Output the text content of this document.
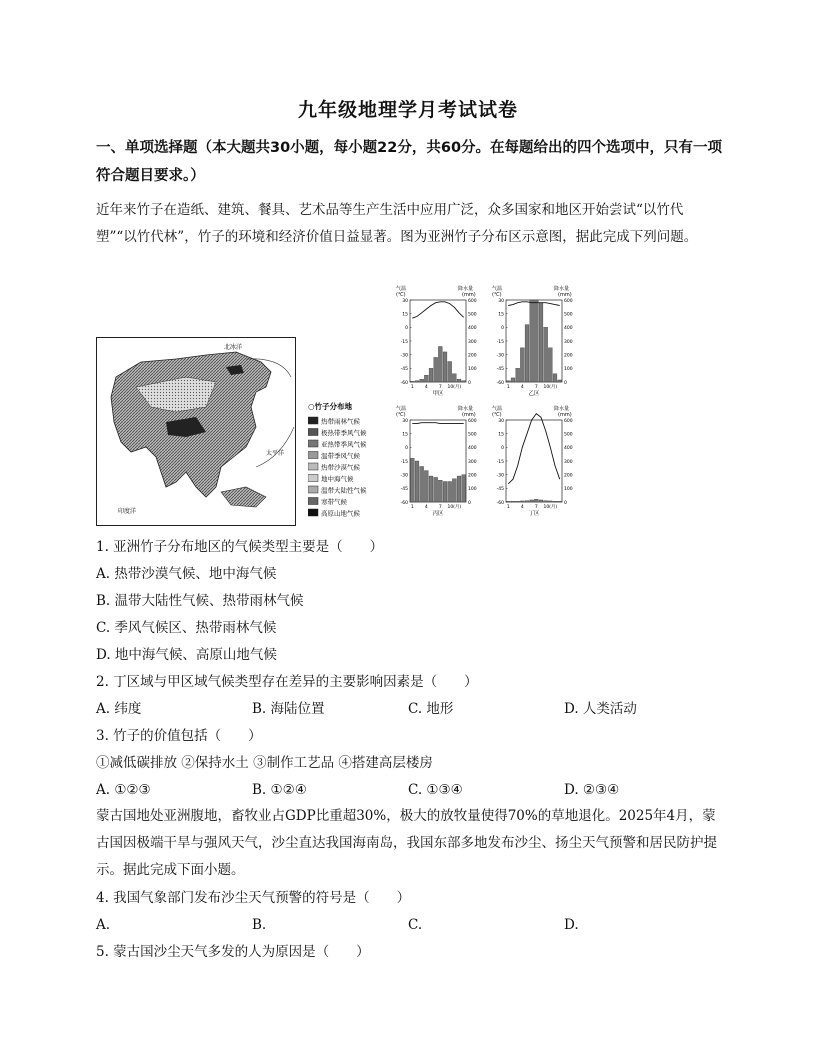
九年级地理学月考试试卷
一、单项选择题（本大题共30小题，每小题22分，共60分。在每题给出的四个选项中，只有一项符合题目要求。）
近年来竹子在造纸、建筑、餐具、艺术品等生产生活中应用广泛，众多国家和地区开始尝试“以竹代塑”“以竹代林”，竹子的环境和经济价值日益显著。图为亚洲竹子分布区示意图，据此完成下列问题。
北冰洋
太平洋
印度洋
○竹子分布地
热带雨林气候
极热带季风气候
亚热带季风气候
温带季风气候
热带沙漠气候
地中海气候
温带大陆性气候
寒带气候
高原山地气候
气温
(℃)
降水量
(mm)
30
15
0
-15
-30
-45
-60
600
500
400
300
200
100
0
1 4 7 10(月)
甲区
气温
(℃)
降水量
(mm)
30
15
0
-15
-30
-45
-60
600
500
400
300
200
100
0
1 4 7 10(月)
乙区
气温
(℃)
降水量
(mm)
30
15
0
-15
-30
-45
-60
600
500
400
300
200
100
0
1 4 7 10(月)
丙区
气温
(℃)
降水量
(mm)
30
15
0
-15
-30
-45
-60
600
500
400
300
200
100
0
1 4 7 10(月)
丁区
1. 亚洲竹子分布地区的气候类型主要是（　　）
A. 热带沙漠气候、地中海气候
B. 温带大陆性气候、热带雨林气候
C. 季风气候区、热带雨林气候
D. 地中海气候、高原山地气候
2. 丁区域与甲区域气候类型存在差异的主要影响因素是（　　）
A. 纬度	B. 海陆位置	C. 地形	D. 人类活动
3. 竹子的价值包括（　　）
①减低碳排放 ②保持水土 ③制作工艺品 ④搭建高层楼房
A. ①②③	B. ①②④	C. ①③④	D. ②③④
蒙古国地处亚洲腹地，畜牧业占GDP比重超30%，极大的放牧量使得70%的草地退化。2025年4月，蒙古国因极端干旱与强风天气，沙尘直达我国海南岛，我国东部多地发布沙尘、扬尘天气预警和居民防护提示。据此完成下面小题。
4. 我国气象部门发布沙尘天气预警的符号是（　　）
A.	B.	C.	D.
5. 蒙古国沙尘天气多发的人为原因是（　　）
